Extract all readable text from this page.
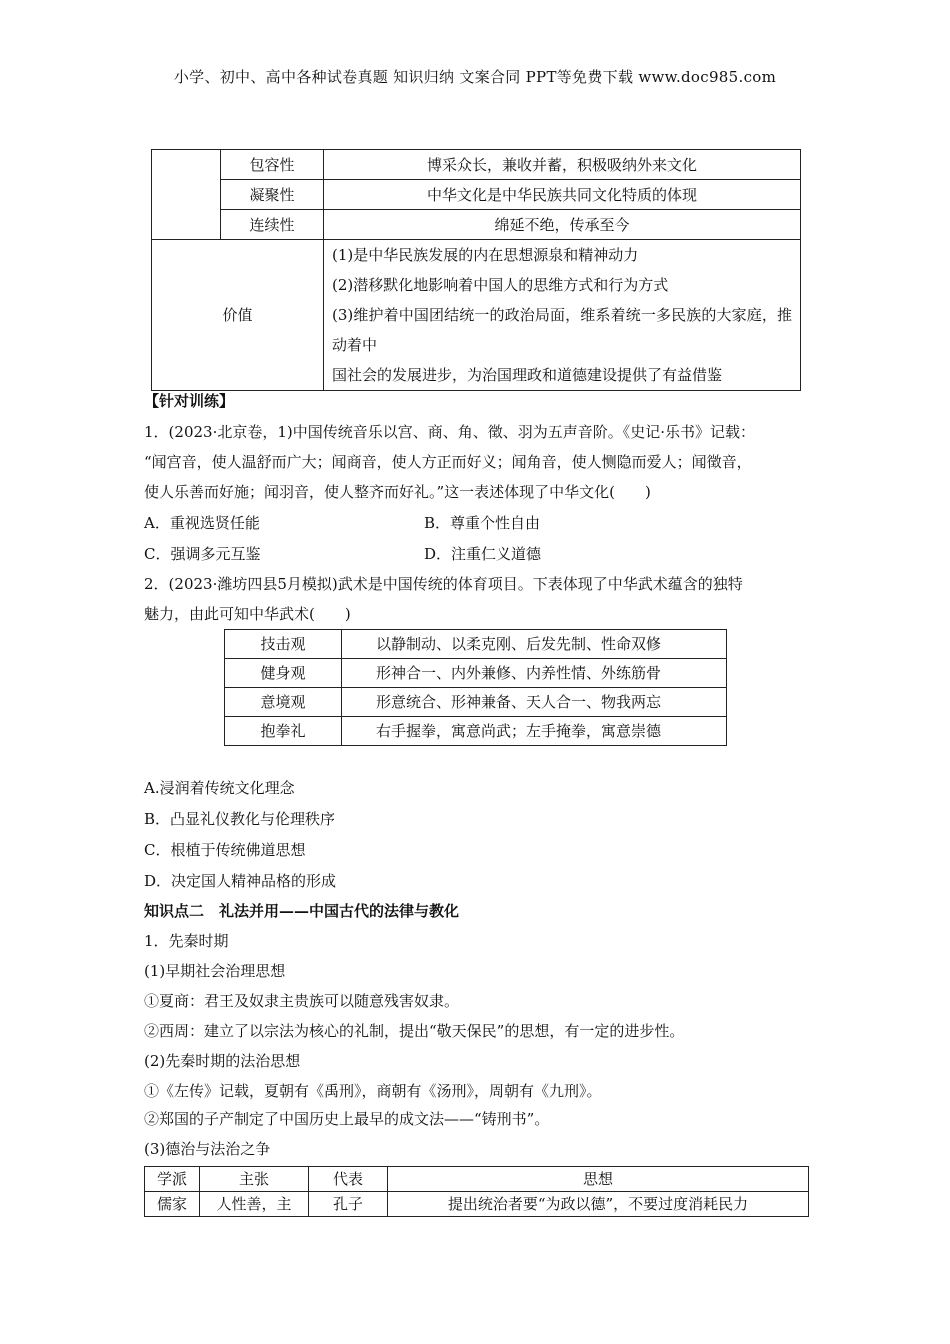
小学、初中、高中各种试卷真题 知识归纳 文案合同 PPT等免费下载 www.doc985.com
	包容性	博采众长，兼收并蓄，积极吸纳外来文化
	凝聚性	中华文化是中华民族共同文化特质的体现
	连续性	绵延不绝，传承至今
价值		(1)是中华民族发展的内在思想源泉和精神动力

(2)潜移默化地影响着中国人的思维方式和行为方式

(3)维护着中国团结统一的政治局面，维系着统一多民族的大家庭，推动着中

国社会的发展进步，为治国理政和道德建设提供了有益借鉴

【针对训练】
1．(2023·北京卷，1)中国传统音乐以宫、商、角、徵、羽为五声音阶。《史记·乐书》记载：
“闻宫音，使人温舒而广大；闻商音，使人方正而好义；闻角音，使人恻隐而爱人；闻徵音，
使人乐善而好施；闻羽音，使人整齐而好礼。”这一表述体现了中华文化(　　)
A．重视选贤任能	B．尊重个性自由
C．强调多元互鉴	D．注重仁义道德
2．(2023·潍坊四县5月模拟)武术是中国传统的体育项目。下表体现了中华武术蕴含的独特
魅力，由此可知中华武术(　　)
技击观	以静制动、以柔克刚、后发先制、性命双修
健身观	形神合一、内外兼修、内养性情、外练筋骨
意境观	形意统合、形神兼备、天人合一、物我两忘
抱拳礼	右手握拳，寓意尚武；左手掩拳，寓意崇德
A.浸润着传统文化理念
B．凸显礼仪教化与伦理秩序
C．根植于传统佛道思想
D．决定国人精神品格的形成
知识点二　礼法并用——中国古代的法律与教化
1．先秦时期
(1)早期社会治理思想
①夏商：君王及奴隶主贵族可以随意残害奴隶。
②西周：建立了以宗法为核心的礼制，提出“敬天保民”的思想，有一定的进步性。
(2)先秦时期的法治思想
①《左传》记载，夏朝有《禹刑》，商朝有《汤刑》，周朝有《九刑》。
②郑国的子产制定了中国历史上最早的成文法——“铸刑书”。
(3)德治与法治之争
学派	主张	代表	思想
儒家	人性善，主	孔子	提出统治者要“为政以德”，不要过度消耗民力
